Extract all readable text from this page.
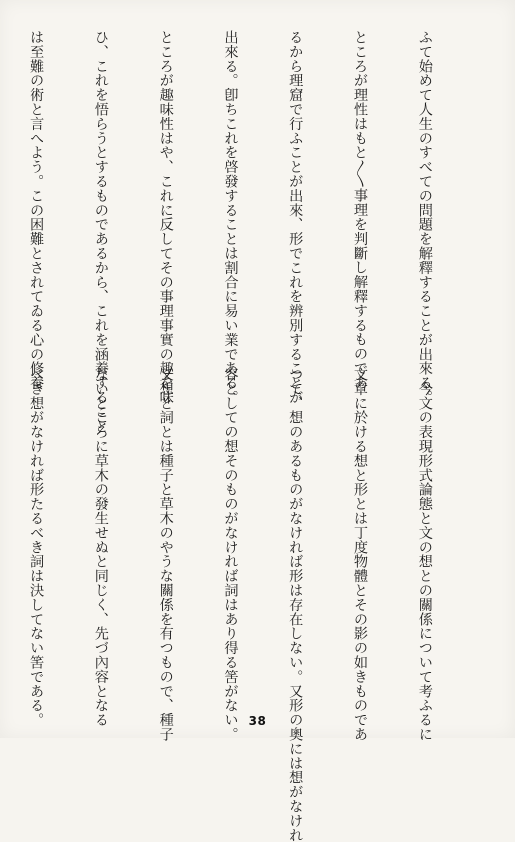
ふて始めて人生のすべての問題を解釋することが出來る。

ところが理性はもと〳〵事理を判斷し解釋するものであ

るから理窟で行ふことが出來、形でこれを辨別することが

出來る。卽ちこれを啓發することは割合に易い業である。

ところが趣味性はや、これに反してその事理事實の趣を味

ひ、これを悟らうとするものであるから、これを涵養すること

は至難の術と言へよう。この困難とされてゐる心の修養

　今文の表現形式論態と文の想との關係について考ふるに

文章に於ける想と形とは丁度物體とその影の如きものであ

つて、想のあるものがなければ形は存在しない。又形の奧には想がなけれ

容としての想そのものがなければ詞はあり得る筈がない。

又想と詞とは種子と草木のやうな關係を有つもので、種子

ないところに草木の發生せぬと同じく、先づ內容となる

べき想がなければ形たるべき詞は決してない筈である。

	38
